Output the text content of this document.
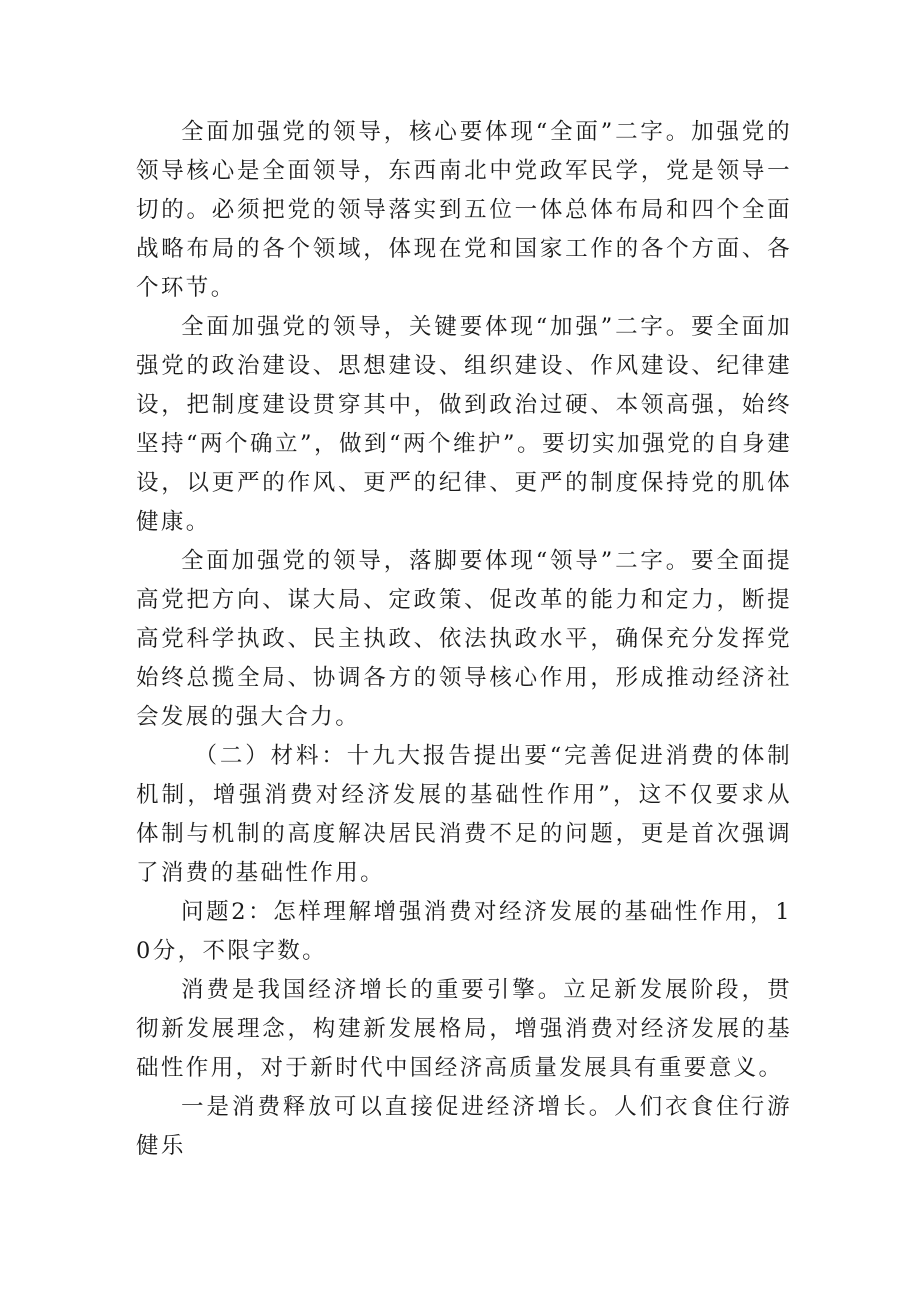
全面加强党的领导，核心要体现“全面”二字。加强党的领导核心是全面领导，东西南北中党政军民学，党是领导一切的。必须把党的领导落实到五位一体总体布局和四个全面战略布局的各个领域，体现在党和国家工作的各个方面、各个环节。

全面加强党的领导，关键要体现“加强”二字。要全面加强党的政治建设、思想建设、组织建设、作风建设、纪律建设，把制度建设贯穿其中，做到政治过硬、本领高强，始终坚持“两个确立”，做到“两个维护”。要切实加强党的自身建设，以更严的作风、更严的纪律、更严的制度保持党的肌体健康。

全面加强党的领导，落脚要体现“领导”二字。要全面提高党把方向、谋大局、定政策、促改革的能力和定力，断提高党科学执政、民主执政、依法执政水平，确保充分发挥党始终总揽全局、协调各方的领导核心作用，形成推动经济社会发展的强大合力。

（二）材料：十九大报告提出要“完善促进消费的体制机制，增强消费对经济发展的基础性作用”，这不仅要求从体制与机制的高度解决居民消费不足的问题，更是首次强调了消费的基础性作用。

问题2：怎样理解增强消费对经济发展的基础性作用，10分，不限字数。

消费是我国经济增长的重要引擎。立足新发展阶段，贯彻新发展理念，构建新发展格局，增强消费对经济发展的基础性作用，对于新时代中国经济高质量发展具有重要意义。

一是消费释放可以直接促进经济增长。人们衣食住行游健乐
